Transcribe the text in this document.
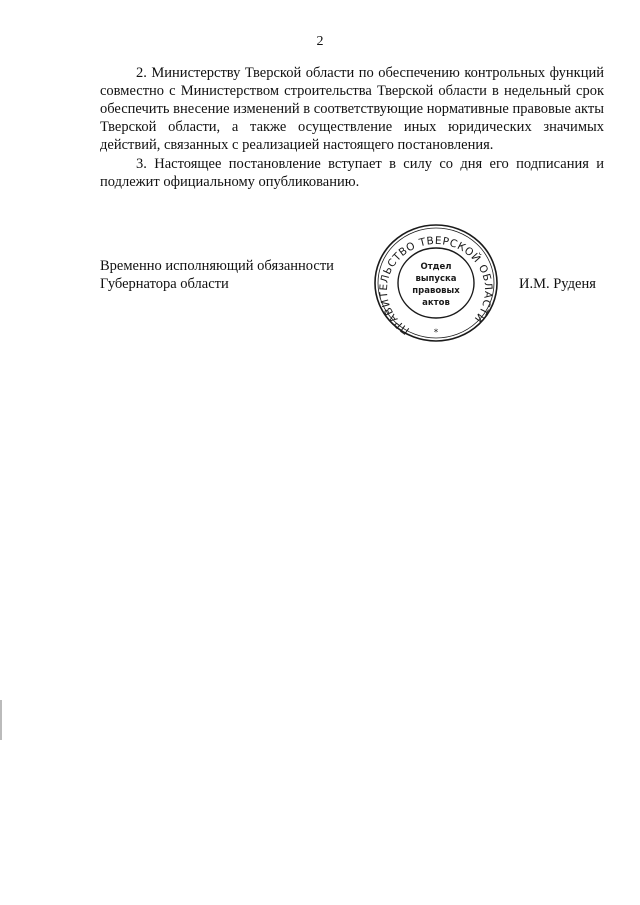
2

2. Министерству Тверской области по обеспечению контрольных функций совместно с Министерством строительства Тверской области в недельный срок обеспечить внесение изменений в соответствующие нормативные правовые акты Тверской области, а также осуществление иных юридических значимых действий, связанных с реализацией настоящего постановления.

3. Настоящее постановление вступает в силу со дня его подписания и подлежит официальному опубликованию.

Временно исполняющий обязанности
Губернатора области	И.М. Руденя
ПРАВИТЕЛЬСТВО ТВЕРСКОЙ ОБЛАСТИ
Отдел
выпуска
правовых
актов
*
